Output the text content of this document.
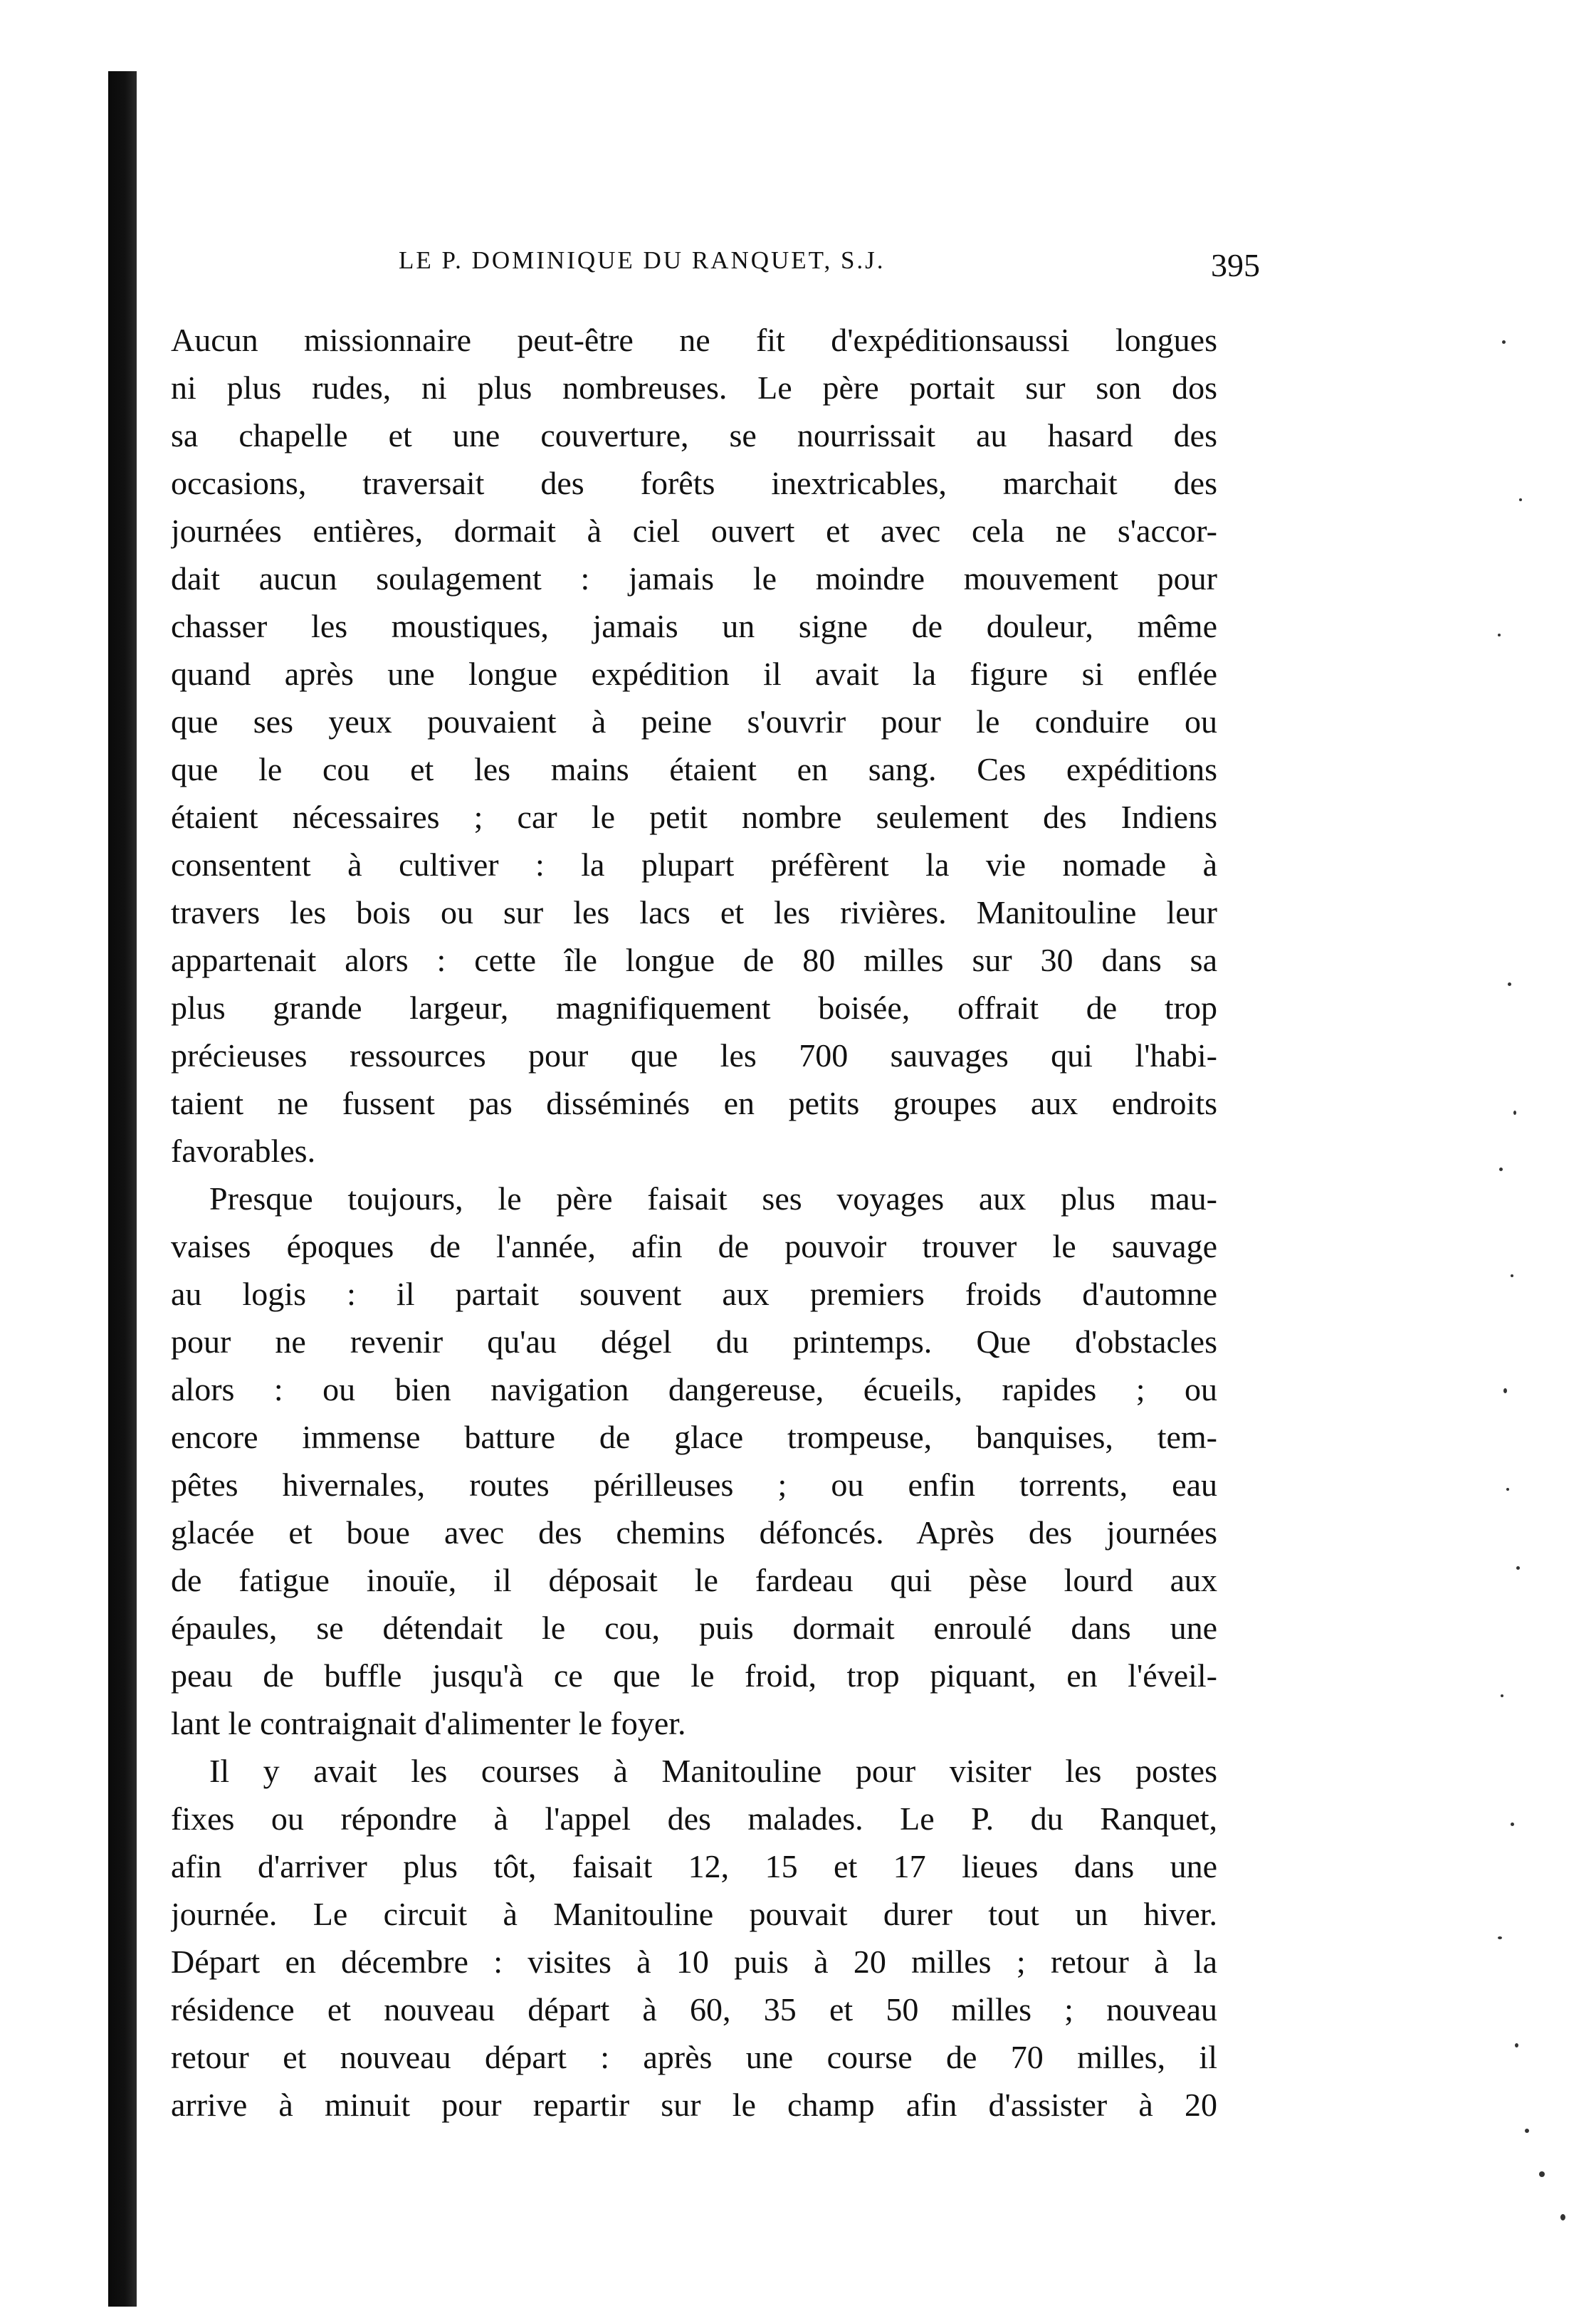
LE P. DOMINIQUE DU RANQUET, S.J.	395
Aucun missionnaire peut-être ne fit d'expéditionsaussi longues
ni plus rudes, ni plus nombreuses. Le père portait sur son dos
sa chapelle et une couverture, se nourrissait au hasard des
occasions, traversait des forêts inextricables, marchait des
journées entières, dormait à ciel ouvert et avec cela ne s'accor-
dait aucun soulagement : jamais le moindre mouvement pour
chasser les moustiques, jamais un signe de douleur, même
quand après une longue expédition il avait la figure si enflée
que ses yeux pouvaient à peine s'ouvrir pour le conduire ou
que le cou et les mains étaient en sang. Ces expéditions
étaient nécessaires ; car le petit nombre seulement des Indiens
consentent à cultiver : la plupart préfèrent la vie nomade à
travers les bois ou sur les lacs et les rivières. Manitouline leur
appartenait alors : cette île longue de 80 milles sur 30 dans sa
plus grande largeur, magnifiquement boisée, offrait de trop
précieuses ressources pour que les 700 sauvages qui l'habi-
taient ne fussent pas disséminés en petits groupes aux endroits
favorables.
Presque toujours, le père faisait ses voyages aux plus mau-
vaises époques de l'année, afin de pouvoir trouver le sauvage
au logis : il partait souvent aux premiers froids d'automne
pour ne revenir qu'au dégel du printemps. Que d'obstacles
alors : ou bien navigation dangereuse, écueils, rapides ; ou
encore immense batture de glace trompeuse, banquises, tem-
pêtes hivernales, routes périlleuses ; ou enfin torrents, eau
glacée et boue avec des chemins défoncés. Après des journées
de fatigue inouïe, il déposait le fardeau qui pèse lourd aux
épaules, se détendait le cou, puis dormait enroulé dans une
peau de buffle jusqu'à ce que le froid, trop piquant, en l'éveil-
lant le contraignait d'alimenter le foyer.
Il y avait les courses à Manitouline pour visiter les postes
fixes ou répondre à l'appel des malades. Le P. du Ranquet,
afin d'arriver plus tôt, faisait 12, 15 et 17 lieues dans une
journée. Le circuit à Manitouline pouvait durer tout un hiver.
Départ en décembre : visites à 10 puis à 20 milles ; retour à la
résidence et nouveau départ à 60, 35 et 50 milles ; nouveau
retour et nouveau départ : après une course de 70 milles, il
arrive à minuit pour repartir sur le champ afin d'assister à 20
